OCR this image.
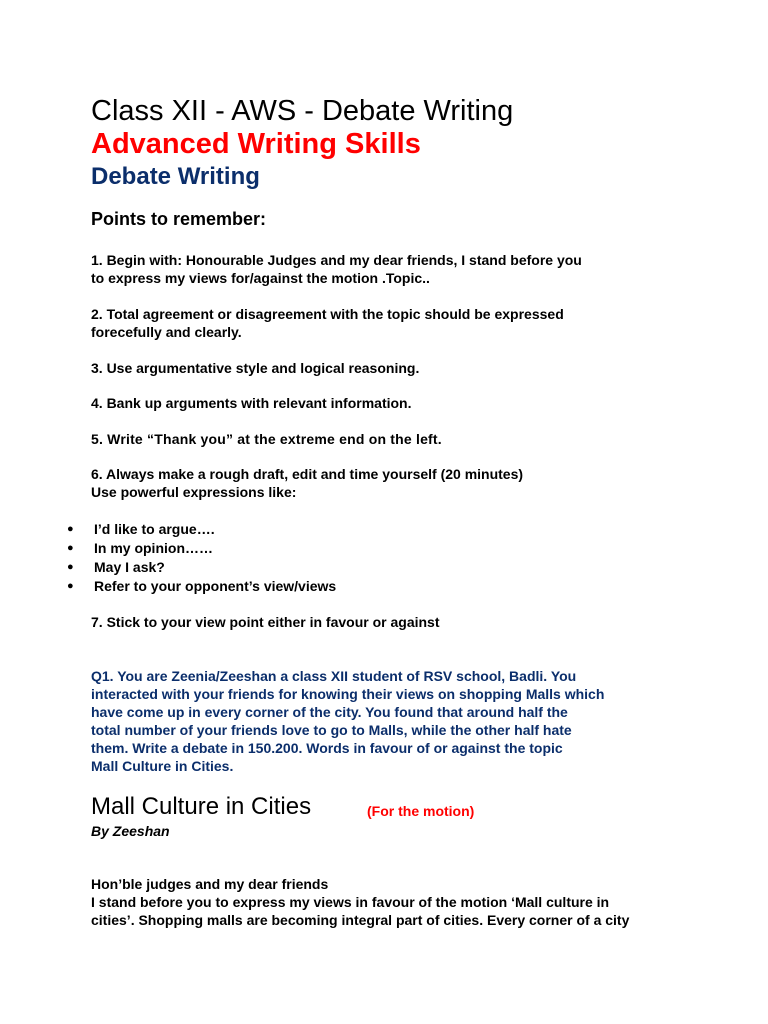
Class XII - AWS - Debate Writing
Advanced Writing Skills
Debate Writing
Points to remember:

1. Begin with: Honourable Judges and my dear friends, I stand before you
to express my views for/against the motion .Topic..

2. Total agreement or disagreement with the topic should be expressed
forecefully and clearly.

3. Use argumentative style and logical reasoning.

4. Bank up arguments with relevant information.

5. Write “Thank you” at the extreme end on the left.

6. Always make a rough draft, edit and time yourself (20 minutes)
Use powerful expressions like:

● I’d like to argue….
● In my opinion……
● May I ask?
● Refer to your opponent’s view/views

7. Stick to your view point either in favour or against

Q1. You are Zeenia/Zeeshan a class XII student of RSV school, Badli. You
interacted with your friends for knowing their views on shopping Malls which
have come up in every corner of the city. You found that around half the
total number of your friends love to go to Malls, while the other half hate
them. Write a debate in 150.200. Words in favour of or against the topic
Mall Culture in Cities.

Mall Culture in Cities	(For the motion)
By Zeeshan

Hon’ble judges and my dear friends
I stand before you to express my views in favour of the motion ‘Mall culture in
cities’. Shopping malls are becoming integral part of cities. Every corner of a city
